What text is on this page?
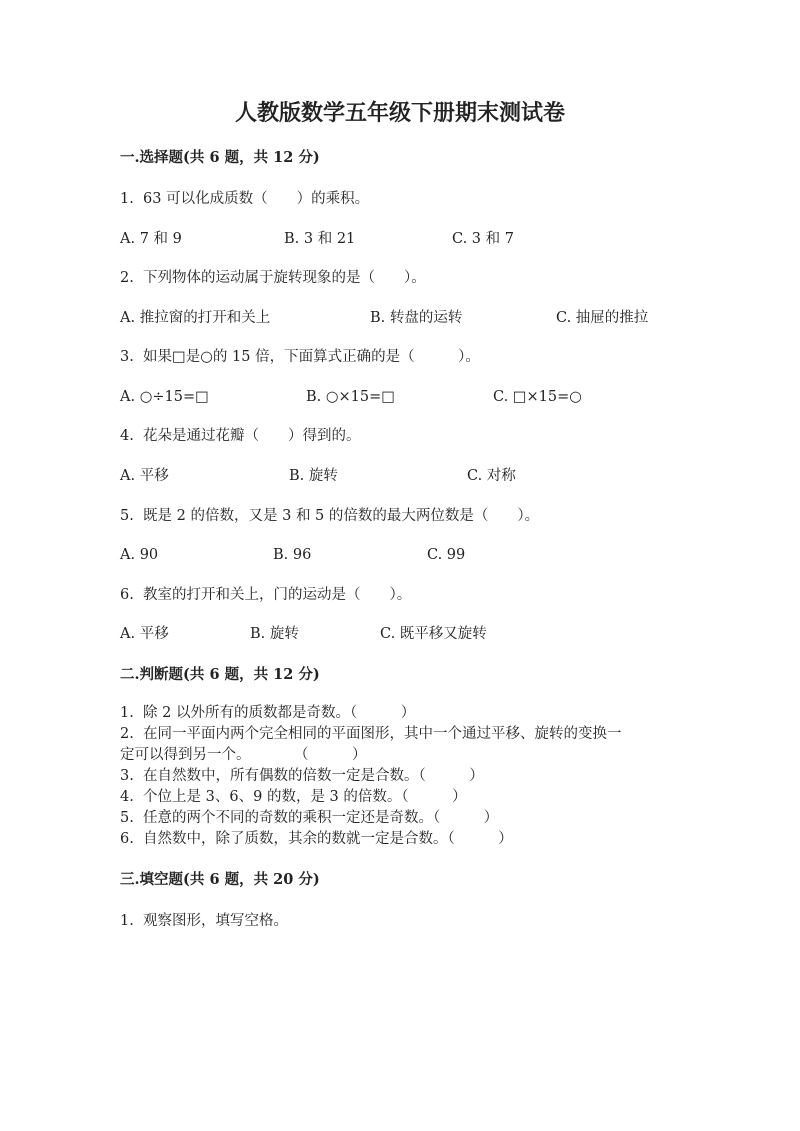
人教版数学五年级下册期末测试卷
一.选择题(共 6 题，共 12 分)
1.  63 可以化成质数（　　）的乘积。
A. 7 和 9	B. 3 和 21	C. 3 和 7
2.  下列物体的运动属于旋转现象的是（　　）。
A. 推拉窗的打开和关上	B. 转盘的运转	C. 抽屉的推拉
3.  如果□是○的 15 倍，下面算式正确的是（　　　）。
A. ○÷15=□	B. ○×15=□	C. □×15=○
4.  花朵是通过花瓣（　　）得到的。
A. 平移	B. 旋转	C. 对称
5.  既是 2 的倍数，又是 3 和 5 的倍数的最大两位数是（　　）。
A. 90	B. 96	C. 99
6.  教室的打开和关上，门的运动是（　　）。
A. 平移	B. 旋转	C. 既平移又旋转
二.判断题(共 6 题，共 12 分)
1.  除 2 以外所有的质数都是奇数。（　　　）
2.  在同一平面内两个完全相同的平面图形，其中一个通过平移、旋转的变换一
定可以得到另一个。　　　　（　　　）
3.  在自然数中，所有偶数的倍数一定是合数。（　　　）
4.  个位上是 3、6、9 的数，是 3 的倍数。（　　　）
5.  任意的两个不同的奇数的乘积一定还是奇数。（　　　）
6.  自然数中，除了质数，其余的数就一定是合数。（　　　）
三.填空题(共 6 题，共 20 分)
1.  观察图形，填写空格。
